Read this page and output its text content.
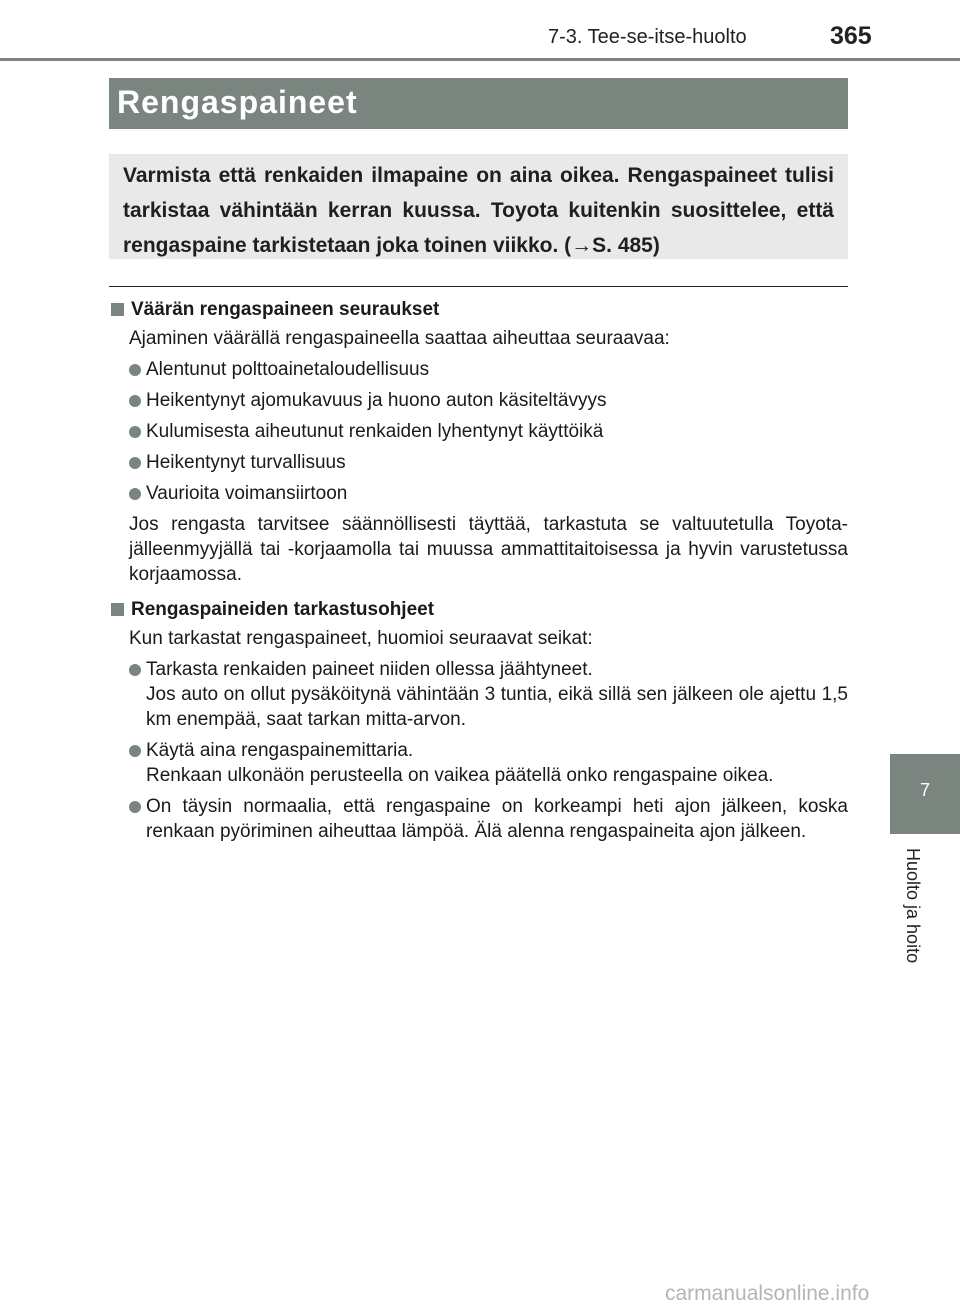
7-3. Tee-se-itse-huolto	365
Rengaspaineet

Varmista että renkaiden ilmapaine on aina oikea. Rengaspaineet tulisi tarkistaa vähintään kerran kuussa. Toyota kuitenkin suosittelee, että rengaspaine tarkistetaan joka toinen viikko. (→S. 485)

Väärän rengaspaineen seuraukset
Ajaminen väärällä rengaspaineella saattaa aiheuttaa seuraavaa:
Alentunut polttoainetaloudellisuus
Heikentynyt ajomukavuus ja huono auton käsiteltävyys
Kulumisesta aiheutunut renkaiden lyhentynyt käyttöikä
Heikentynyt turvallisuus
Vaurioita voimansiirtoon
Jos rengasta tarvitsee säännöllisesti täyttää, tarkastuta se valtuutetulla Toyota-jälleenmyyjällä tai -korjaamolla tai muussa ammattitaitoisessa ja hyvin varustetussa korjaamossa.
Rengaspaineiden tarkastusohjeet
Kun tarkastat rengaspaineet, huomioi seuraavat seikat:
Tarkasta renkaiden paineet niiden ollessa jäähtyneet.
Jos auto on ollut pysäköitynä vähintään 3 tuntia, eikä sillä sen jälkeen ole ajettu 1,5 km enempää, saat tarkan mitta-arvon.
Käytä aina rengaspainemittaria.
Renkaan ulkonäön perusteella on vaikea päätellä onko rengaspaine oikea.
On täysin normaalia, että rengaspaine on korkeampi heti ajon jälkeen, koska renkaan pyöriminen aiheuttaa lämpöä. Älä alenna rengaspaineita ajon jälkeen.
7
Huolto ja hoito
carmanualsonline.info
